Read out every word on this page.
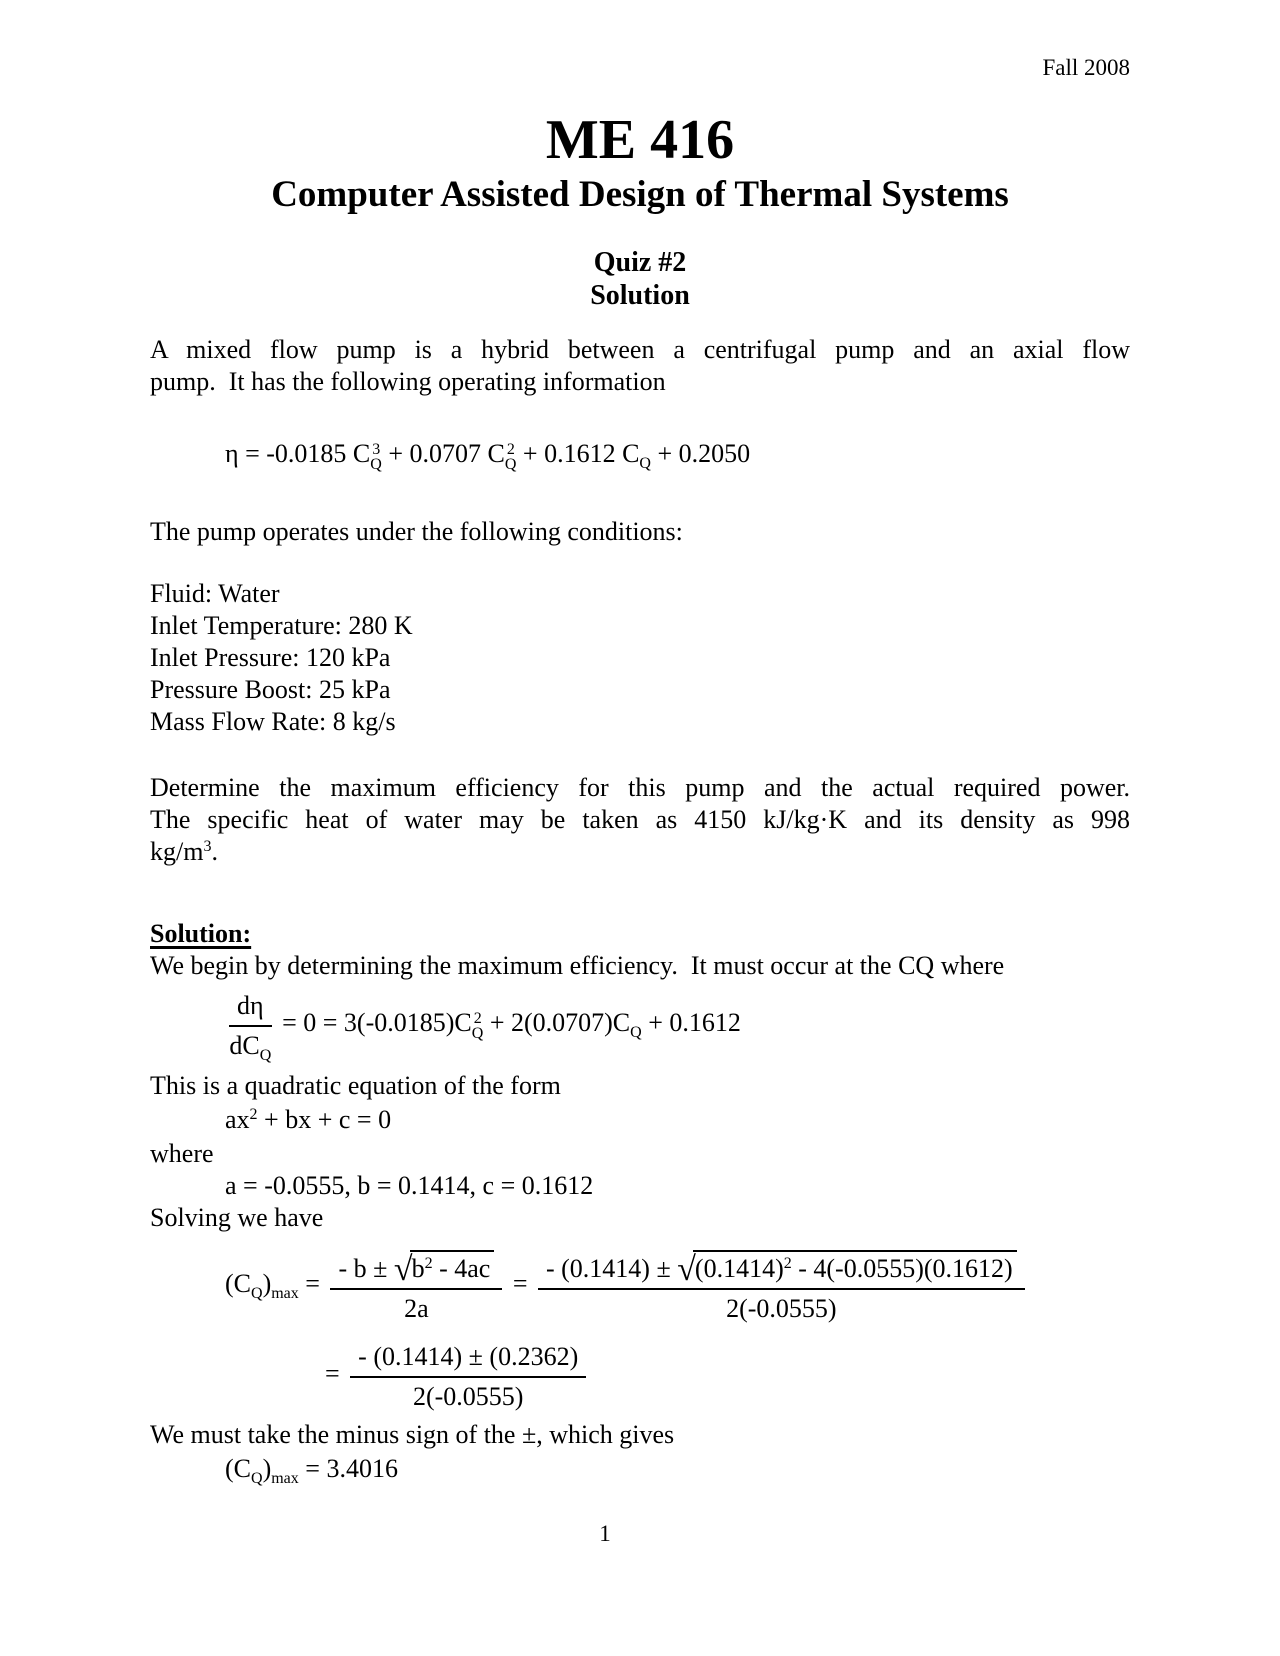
Fall 2008
ME 416
Computer Assisted Design of Thermal Systems
Quiz #2
Solution
A mixed flow pump is a hybrid between a centrifugal pump and an axial flow
pump.  It has the following operating information
η = -0.0185 C 3
Q + 0.0707 C 2
Q + 0.1612 $C_Q + 0.2050$
The pump operates under the following conditions:
Fluid: Water
Inlet Temperature: 280 K
Inlet Pressure: 120 kPa
Pressure Boost: 25 kPa
Mass Flow Rate: 8 kg/s
Determine the maximum efficiency for this pump and the actual required power.
The specific heat of water may be taken as 4150 kJ/kg·K and its density as 998
$kg/m^3$.
Solution:
We begin by determining the maximum efficiency.  It must occur at the CQ where
$\frac{d\eta}{dC_Q} = 0 = 3(-0.0185)C$ 2
$Q + 2(0.0707)C_Q + 0.1612$
This is a quadratic equation of the form
$ax^2$ + bx + c = 0
where
a = -0.0555, b = 0.1414, c = 0.1612
Solving we have
$(C_Q)_{max} = \frac{- b \pm √b^2 - 4ac}{2a} = \frac{- (0.1414) \pm √(0.1414)^2 - 4(-0.0555)(0.1612)}{2(-0.0555)}$
= $\frac{- (0.1414) \pm (0.2362)}{2(-0.0555)}$
We must take the minus sign of the ±, which gives
$(C_Q)_{max} = 3.4016$
1
